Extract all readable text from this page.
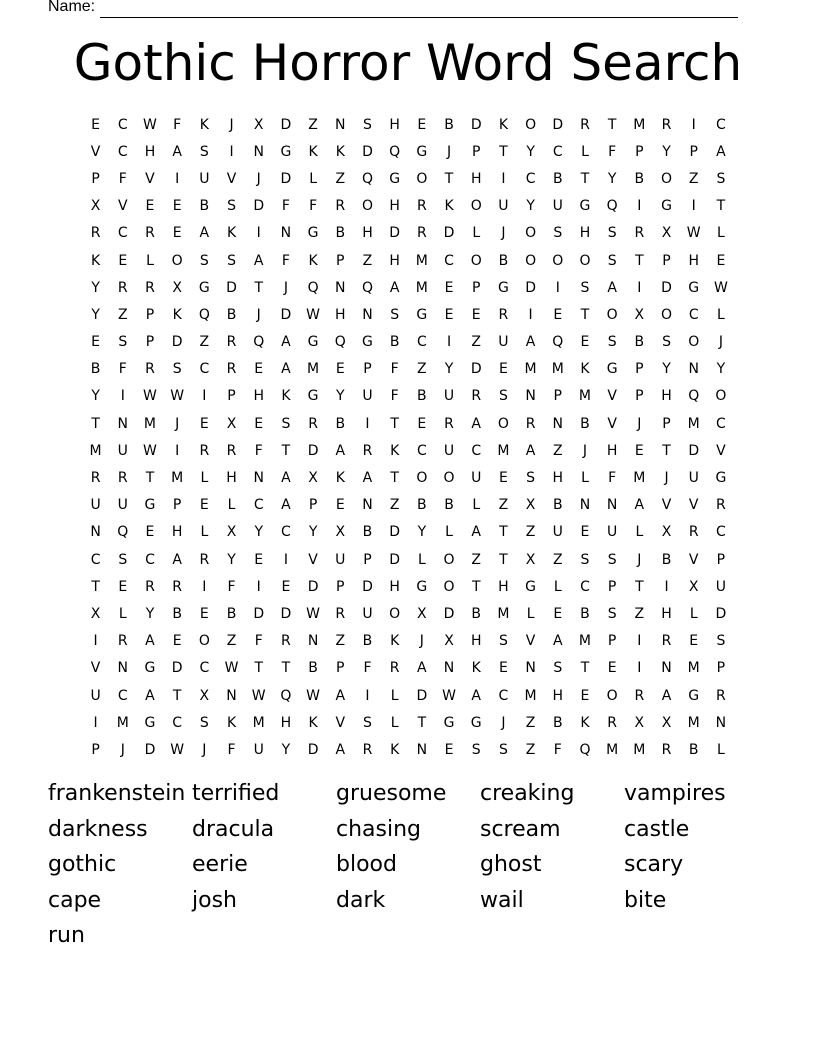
Name:
Gothic Horror Word Search
E	C	W	F	K	J	X	D	Z	N	S	H	E	B	D	K	O	D	R	T	M	R	I	C
V	C	H	A	S	I	N	G	K	K	D	Q	G	J	P	T	Y	C	L	F	P	Y	P	A
P	F	V	I	U	V	J	D	L	Z	Q	G	O	T	H	I	C	B	T	Y	B	O	Z	S
X	V	E	E	B	S	D	F	F	R	O	H	R	K	O	U	Y	U	G	Q	I	G	I	T
R	C	R	E	A	K	I	N	G	B	H	D	R	D	L	J	O	S	H	S	R	X	W	L
K	E	L	O	S	S	A	F	K	P	Z	H	M	C	O	B	O	O	O	S	T	P	H	E
Y	R	R	X	G	D	T	J	Q	N	Q	A	M	E	P	G	D	I	S	A	I	D	G	W
Y	Z	P	K	Q	B	J	D	W	H	N	S	G	E	E	R	I	E	T	O	X	O	C	L
E	S	P	D	Z	R	Q	A	G	Q	G	B	C	I	Z	U	A	Q	E	S	B	S	O	J
B	F	R	S	C	R	E	A	M	E	P	F	Z	Y	D	E	M	M	K	G	P	Y	N	Y
Y	I	W W	I	P	H	K	G	Y	U	F	B	U	R	S	N	P	M	V	P	H	Q	O
T	N	M	J	E	X	E	S	R	B	I	T	E	R	A	O	R	N	B	V	J	P	M	C
M	U	W	I	R	R	F	T	D	A	R	K	C	U	C	M	A	Z	J	H	E	T	D	V
R	R	T	M	L	H	N	A	X	K	A	T	O	O	U	E	S	H	L	F	M	J	U	G
U	U	G	P	E	L	C	A	P	E	N	Z	B	B	L	Z	X	B	N	N	A	V	V	R
N	Q	E	H	L	X	Y	C	Y	X	B	D	Y	L	A	T	Z	U	E	U	L	X	R	C
C	S	C	A	R	Y	E	I	V	U	P	D	L	O	Z	T	X	Z	S	S	J	B	V	P
T	E	R	R	I	F	I	E	D	P	D	H	G	O	T	H	G	L	C	P	T	I	X	U
X	L	Y	B	E	B	D	D	W	R	U	O	X	D	B	M	L	E	B	S	Z	H	L	D
I	R	A	E	O	Z	F	R	N	Z	B	K	J	X	H	S	V	A	M	P	I	R	E	S
V	N	G	D	C	W	T	T	B	P	F	R	A	N	K	E	N	S	T	E	I	N	M	P
U	C	A	T	X	N	W	Q	W	A	I	L	D	W	A	C	M	H	E	O	R	A	G	R
I	M	G	C	S	K	M	H	K	V	S	L	T	G	G	J	Z	B	K	R	X	X	M	N
P	J	D	W	J	F	U	Y	D	A	R	K	N	E	S	S	Z	F	Q	M	M	R	B	L
frankenstein terrified	gruesome	creaking	vampires
darkness	dracula	chasing	scream	castle
gothic	eerie	blood	ghost	scary
cape	josh	dark	wail	bite
run
